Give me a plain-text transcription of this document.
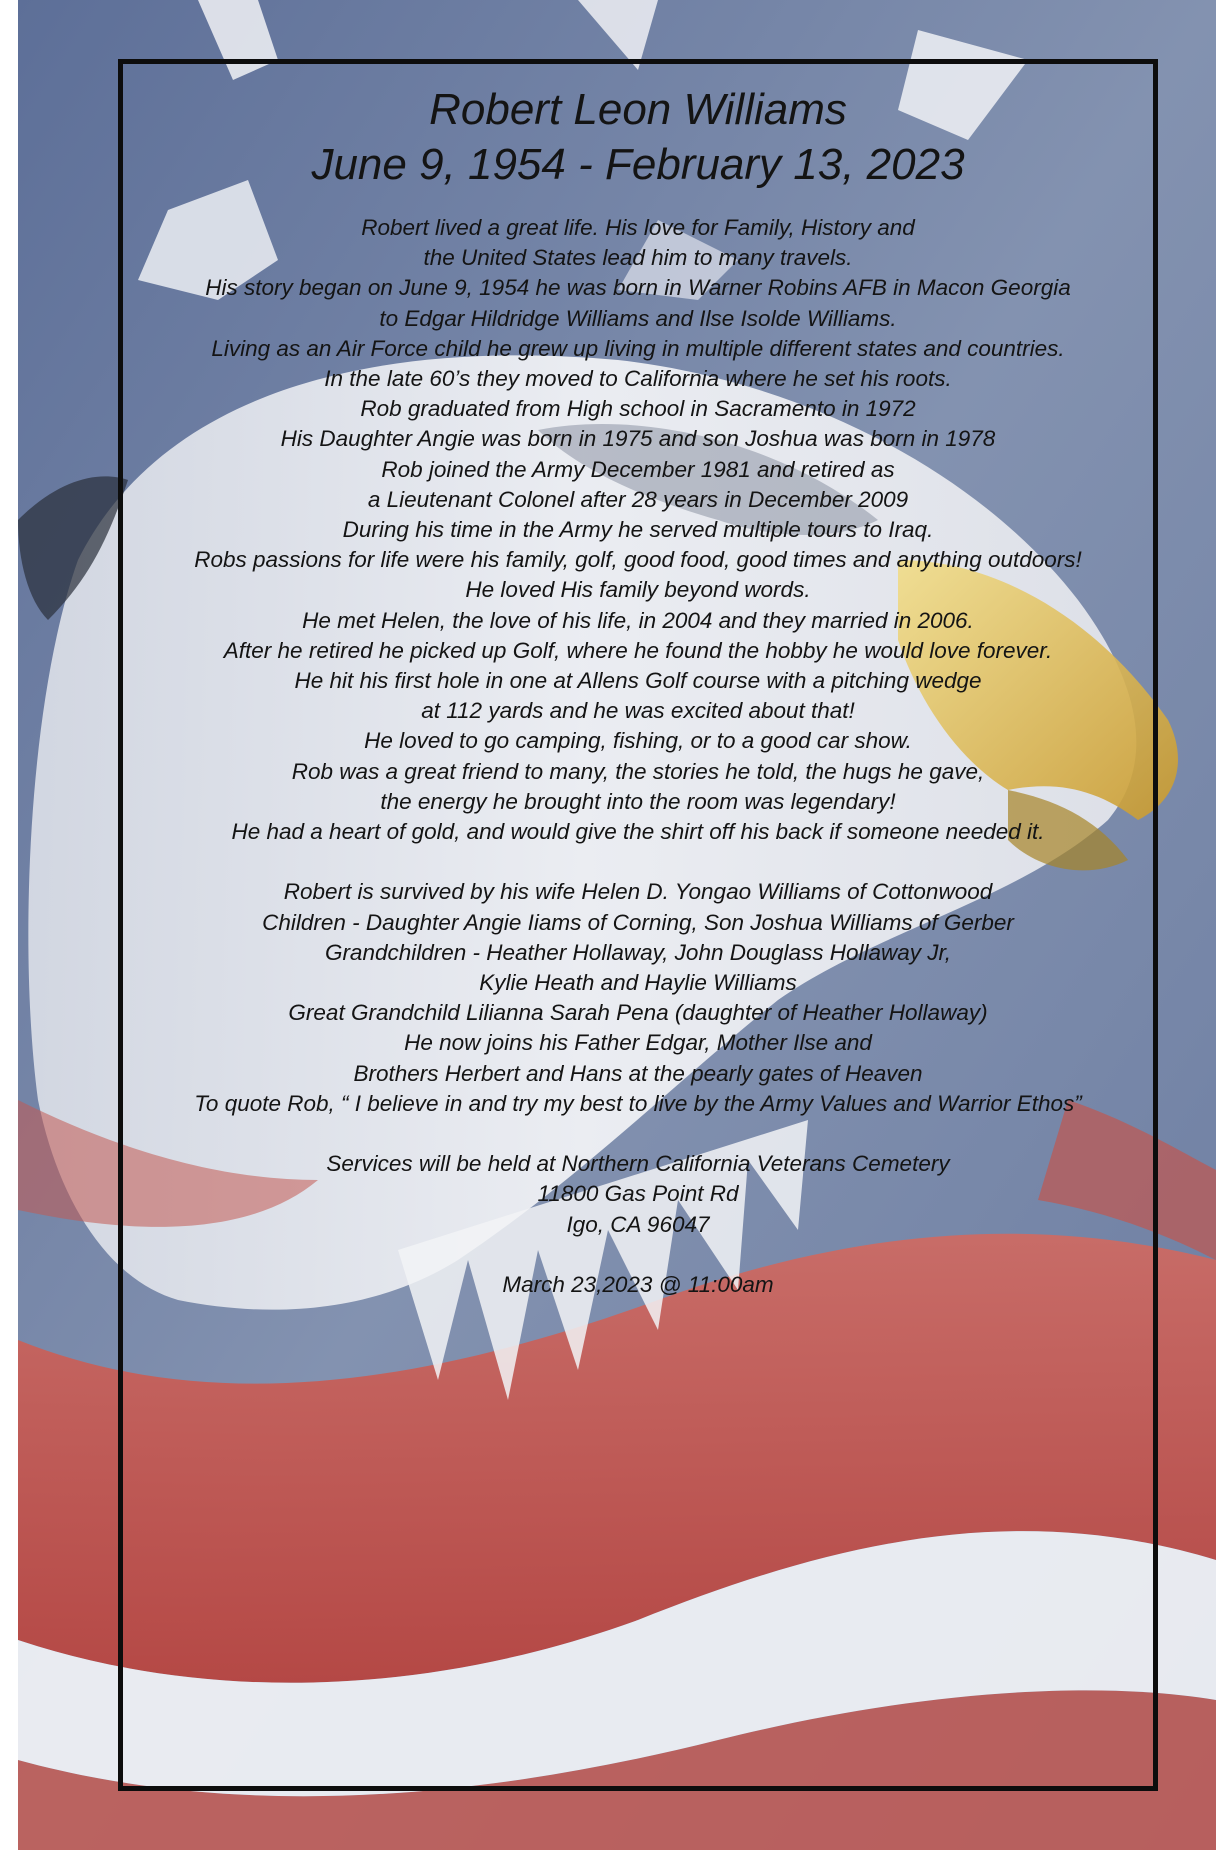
Robert Leon Williams
June 9, 1954 - February 13, 2023
Robert lived a great life. His love for Family, History and
the United States lead him to many travels.
His story began on June 9, 1954 he was born in Warner Robins AFB in Macon Georgia
to Edgar Hildridge Williams and Ilse Isolde Williams.
Living as an Air Force child he grew up living in multiple different states and countries.
In the late 60’s they moved to California where he set his roots.
Rob graduated from High school in Sacramento in 1972
His Daughter Angie was born in 1975 and son Joshua was born in 1978
Rob joined the Army December 1981 and retired as
a Lieutenant Colonel after 28 years in December 2009
During his time in the Army he served multiple tours to Iraq.
Robs passions for life were his family, golf, good food, good times and anything outdoors!
He loved His family beyond words.
He met Helen, the love of his life, in 2004 and they married in 2006.
After he retired he picked up Golf, where he found the hobby he would love forever.
He hit his first hole in one at Allens Golf course with a pitching wedge
at 112 yards and he was excited about that!
He loved to go camping, fishing, or to a good car show.
Rob was a great friend to many, the stories he told, the hugs he gave,
the energy he brought into the room was legendary!
He had a heart of gold, and would give the shirt off his back if someone needed it.
Robert is survived by his wife Helen D. Yongao Williams of Cottonwood
Children - Daughter Angie Iiams of Corning, Son Joshua Williams of Gerber
Grandchildren - Heather Hollaway, John Douglass Hollaway Jr,
Kylie Heath and Haylie Williams
Great Grandchild Lilianna Sarah Pena (daughter of Heather Hollaway)
He now joins his Father Edgar, Mother Ilse and
Brothers Herbert and Hans at the pearly gates of Heaven
To quote Rob, “ I believe in and try my best to live by the Army Values and Warrior Ethos”
Services will be held at Northern California Veterans Cemetery
11800 Gas Point Rd
Igo, CA 96047
March 23,2023 @ 11:00am
